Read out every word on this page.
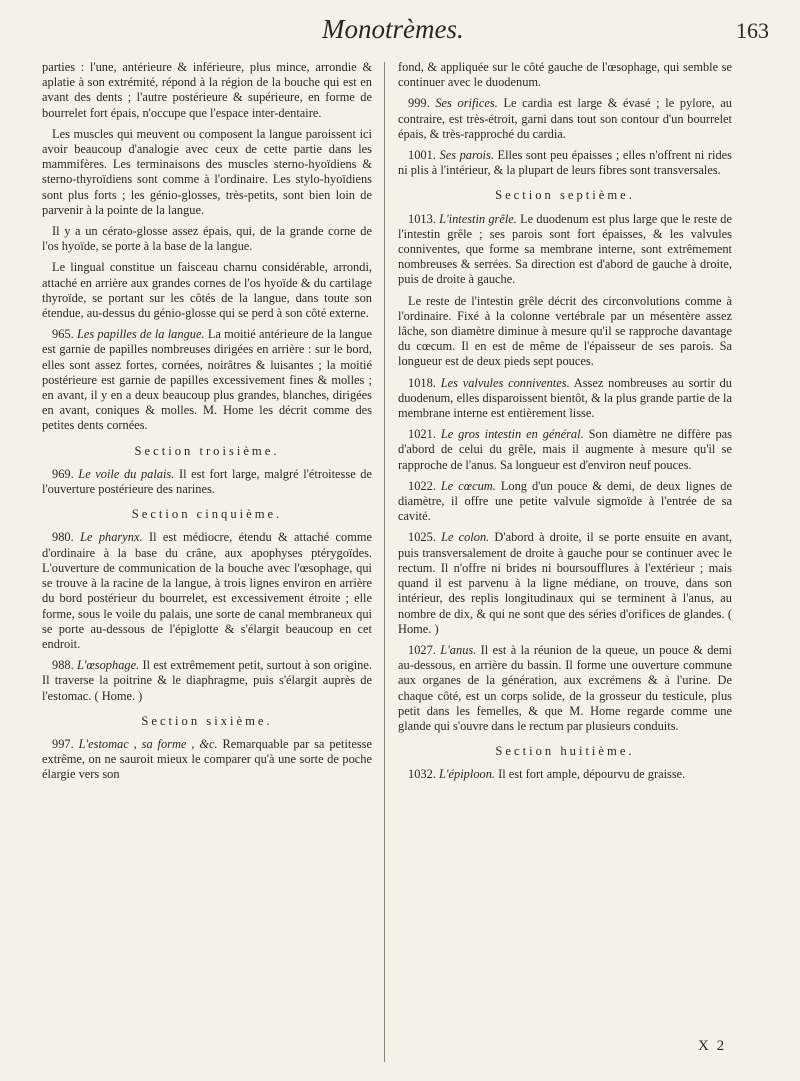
Monotrèmes.	163

parties : l'une, antérieure & inférieure, plus mince, arrondie & aplatie à son extrémité, répond à la région de la bouche qui est en avant des dents ; l'autre postérieure & supérieure, en forme de bourrelet fort épais, n'occupe que l'espace inter-dentaire.

Les muscles qui meuvent ou composent la langue paroissent ici avoir beaucoup d'analogie avec ceux de cette partie dans les mammifères. Les terminaisons des muscles sterno-hyoïdiens & sterno-thyroïdiens sont comme à l'ordinaire. Les stylo-hyoïdiens sont plus forts ; les génio-glosses, très-petits, sont bien loin de parvenir à la pointe de la langue.

Il y a un cérato-glosse assez épais, qui, de la grande corne de l'os hyoïde, se porte à la base de la langue.

Le lingual constitue un faisceau charnu considérable, arrondi, attaché en arrière aux grandes cornes de l'os hyoïde & du cartilage thyroïde, se portant sur les côtés de la langue, dans toute son étendue, au-dessus du génio-glosse qui se perd à son côté externe.

965. Les papilles de la langue. La moitié antérieure de la langue est garnie de papilles nombreuses dirigées en arrière : sur le bord, elles sont assez fortes, cornées, noirâtres & luisantes ; la moitié postérieure est garnie de papilles excessivement fines & molles ; en avant, il y en a deux beaucoup plus grandes, blanches, dirigées en avant, coniques & molles. M. Home les décrit comme des petites dents cornées.

Section troisième.

969. Le voile du palais. Il est fort large, malgré l'étroitesse de l'ouverture postérieure des narines.

Section cinquième.

980. Le pharynx. Il est médiocre, étendu & attaché comme d'ordinaire à la base du crâne, aux apophyses ptérygoïdes. L'ouverture de communication de la bouche avec l'œsophage, qui se trouve à la racine de la langue, à trois lignes environ en arrière du bord postérieur du bourrelet, est excessivement étroite ; elle forme, sous le voile du palais, une sorte de canal membraneux qui se porte au-dessous de l'épiglotte & s'élargit beaucoup en cet endroit.

988. L'œsophage. Il est extrêmement petit, surtout à son origine. Il traverse la poitrine & le diaphragme, puis s'élargit auprès de l'estomac. ( Home. )

Section sixième.

997. L'estomac , sa forme , &c. Remarquable par sa petitesse extrême, on ne sauroit mieux le comparer qu'à une sorte de poche élargie vers son

fond, & appliquée sur le côté gauche de l'œsophage, qui semble se continuer avec le duodenum.

999. Ses orifices. Le cardia est large & évasé ; le pylore, au contraire, est très-étroit, garni dans tout son contour d'un bourrelet épais, & très-rapproché du cardia.

1001. Ses parois. Elles sont peu épaisses ; elles n'offrent ni rides ni plis à l'intérieur, & la plupart de leurs fibres sont transversales.

Section septième.

1013. L'intestin grêle. Le duodenum est plus large que le reste de l'intestin grêle ; ses parois sont fort épaisses, & les valvules conniventes, que forme sa membrane interne, sont extrêmement nombreuses & serrées. Sa direction est d'abord de gauche à droite, puis de droite à gauche.

Le reste de l'intestin grêle décrit des circonvolutions comme à l'ordinaire. Fixé à la colonne vertébrale par un mésentère assez lâche, son diamètre diminue à mesure qu'il se rapproche davantage du cœcum. Il en est de même de l'épaisseur de ses parois. Sa longueur est de deux pieds sept pouces.

1018. Les valvules conniventes. Assez nombreuses au sortir du duodenum, elles disparoissent bientôt, & la plus grande partie de la membrane interne est entièrement lisse.

1021. Le gros intestin en général. Son diamètre ne diffère pas d'abord de celui du grêle, mais il augmente à mesure qu'il se rapproche de l'anus. Sa longueur est d'environ neuf pouces.

1022. Le cœcum. Long d'un pouce & demi, de deux lignes de diamètre, il offre une petite valvule sigmoïde à l'entrée de sa cavité.

1025. Le colon. D'abord à droite, il se porte ensuite en avant, puis transversalement de droite à gauche pour se continuer avec le rectum. Il n'offre ni brides ni boursoufflures à l'extérieur ; mais quand il est parvenu à la ligne médiane, on trouve, dans son intérieur, des replis longitudinaux qui se terminent à l'anus, au nombre de dix, & qui ne sont que des séries d'orifices de glandes. ( Home. )

1027. L'anus. Il est à la réunion de la queue, un pouce & demi au-dessous, en arrière du bassin. Il forme une ouverture commune aux organes de la génération, aux excrémens & à l'urine. De chaque côté, est un corps solide, de la grosseur du testicule, plus petit dans les femelles, & que M. Home regarde comme une glande qui s'ouvre dans le rectum par plusieurs conduits.

Section huitième.

1032. L'épiploon. Il est fort ample, dépourvu de graisse.

X 2
